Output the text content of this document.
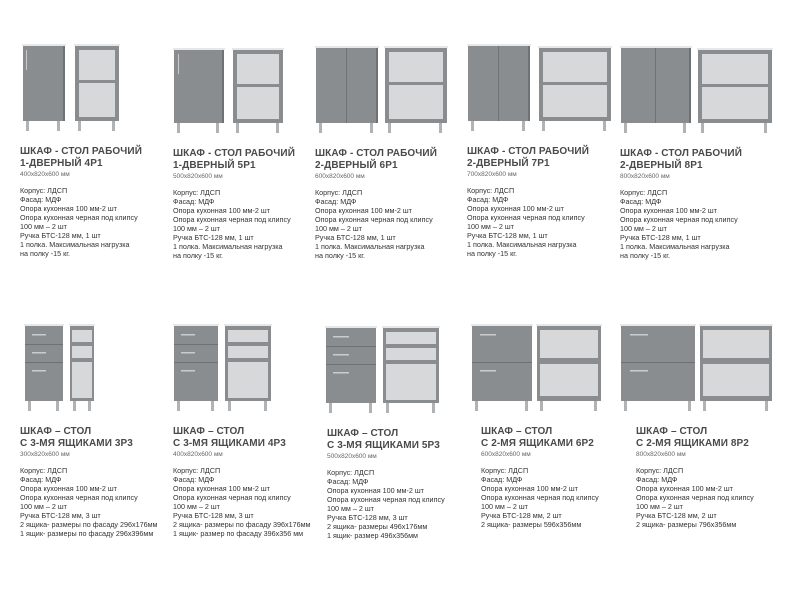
ШКАФ - СТОЛ РАБОЧИЙ
1-ДВЕРНЫЙ 4Р1
400x820x600 мм
Корпус: ЛДСП
Фасад: МДФ
Опора кухонная 100 мм-2 шт
Опора кухонная черная под клипсу
100 мм – 2 шт
Ручка БТС-128 мм, 1 шт
1 полка. Максимальная нагрузка
на полку -15 кг.
ШКАФ - СТОЛ РАБОЧИЙ
1-ДВЕРНЫЙ 5Р1
500x820x600 мм
Корпус: ЛДСП
Фасад: МДФ
Опора кухонная 100 мм-2 шт
Опора кухонная черная под клипсу
100 мм – 2 шт
Ручка БТС-128 мм, 1 шт
1 полка. Максимальная нагрузка
на полку -15 кг.
ШКАФ - СТОЛ РАБОЧИЙ
2-ДВЕРНЫЙ 6Р1
600x820x600 мм
Корпус: ЛДСП
Фасад: МДФ
Опора кухонная 100 мм-2 шт
Опора кухонная черная под клипсу
100 мм – 2 шт
Ручка БТС-128 мм, 1 шт
1 полка. Максимальная нагрузка
на полку -15 кг.
ШКАФ - СТОЛ РАБОЧИЙ
2-ДВЕРНЫЙ 7Р1
700x820x600 мм
Корпус: ЛДСП
Фасад: МДФ
Опора кухонная 100 мм-2 шт
Опора кухонная черная под клипсу
100 мм – 2 шт
Ручка БТС-128 мм, 1 шт
1 полка. Максимальная нагрузка
на полку -15 кг.
ШКАФ - СТОЛ РАБОЧИЙ
2-ДВЕРНЫЙ 8Р1
800x820x600 мм
Корпус: ЛДСП
Фасад: МДФ
Опора кухонная 100 мм-2 шт
Опора кухонная черная под клипсу
100 мм – 2 шт
Ручка БТС-128 мм, 1 шт
1 полка. Максимальная нагрузка
на полку -15 кг.
ШКАФ – СТОЛ
С 3-МЯ ЯЩИКАМИ 3Р3
300x820x600 мм
Корпус: ЛДСП
Фасад: МДФ
Опора кухонная 100 мм-2 шт
Опора кухонная черная под клипсу
100 мм – 2 шт
Ручка БТС-128 мм, 3 шт
2 ящика- размеры по фасаду 296x176мм
1 ящик- размеры по фасаду 296x396мм
ШКАФ – СТОЛ
С 3-МЯ ЯЩИКАМИ 4Р3
400x820x600 мм
Корпус: ЛДСП
Фасад: МДФ
Опора кухонная 100 мм-2 шт
Опора кухонная черная под клипсу
100 мм – 2 шт
Ручка БТС-128 мм, 3 шт
2 ящика- размеры по фасаду 396x176мм
1 ящик- размеp по фасаду 396x356 мм
ШКАФ – СТОЛ
С 3-МЯ ЯЩИКАМИ 5Р3
500x820x600 мм
Корпус: ЛДСП
Фасад: МДФ
Опора кухонная 100 мм-2 шт
Опора кухонная черная под клипсу
100 мм – 2 шт
Ручка БТС-128 мм, 3 шт
2 ящика- размеры 496x176мм
1 ящик- размер 496x356мм
ШКАФ – СТОЛ
С 2-МЯ ЯЩИКАМИ 6Р2
600x820x600 мм
Корпус: ЛДСП
Фасад: МДФ
Опора кухонная 100 мм-2 шт
Опора кухонная черная под клипсу
100 мм – 2 шт
Ручка БТС-128 мм, 2 шт
2 ящика- размеры 596x356мм
ШКАФ – СТОЛ
С 2-МЯ ЯЩИКАМИ 8Р2
800x820x600 мм
Корпус: ЛДСП
Фасад: МДФ
Опора кухонная 100 мм-2 шт
Опора кухонная черная под клипсу
100 мм – 2 шт
Ручка БТС-128 мм, 2 шт
2 ящика- размеры 796x356мм
